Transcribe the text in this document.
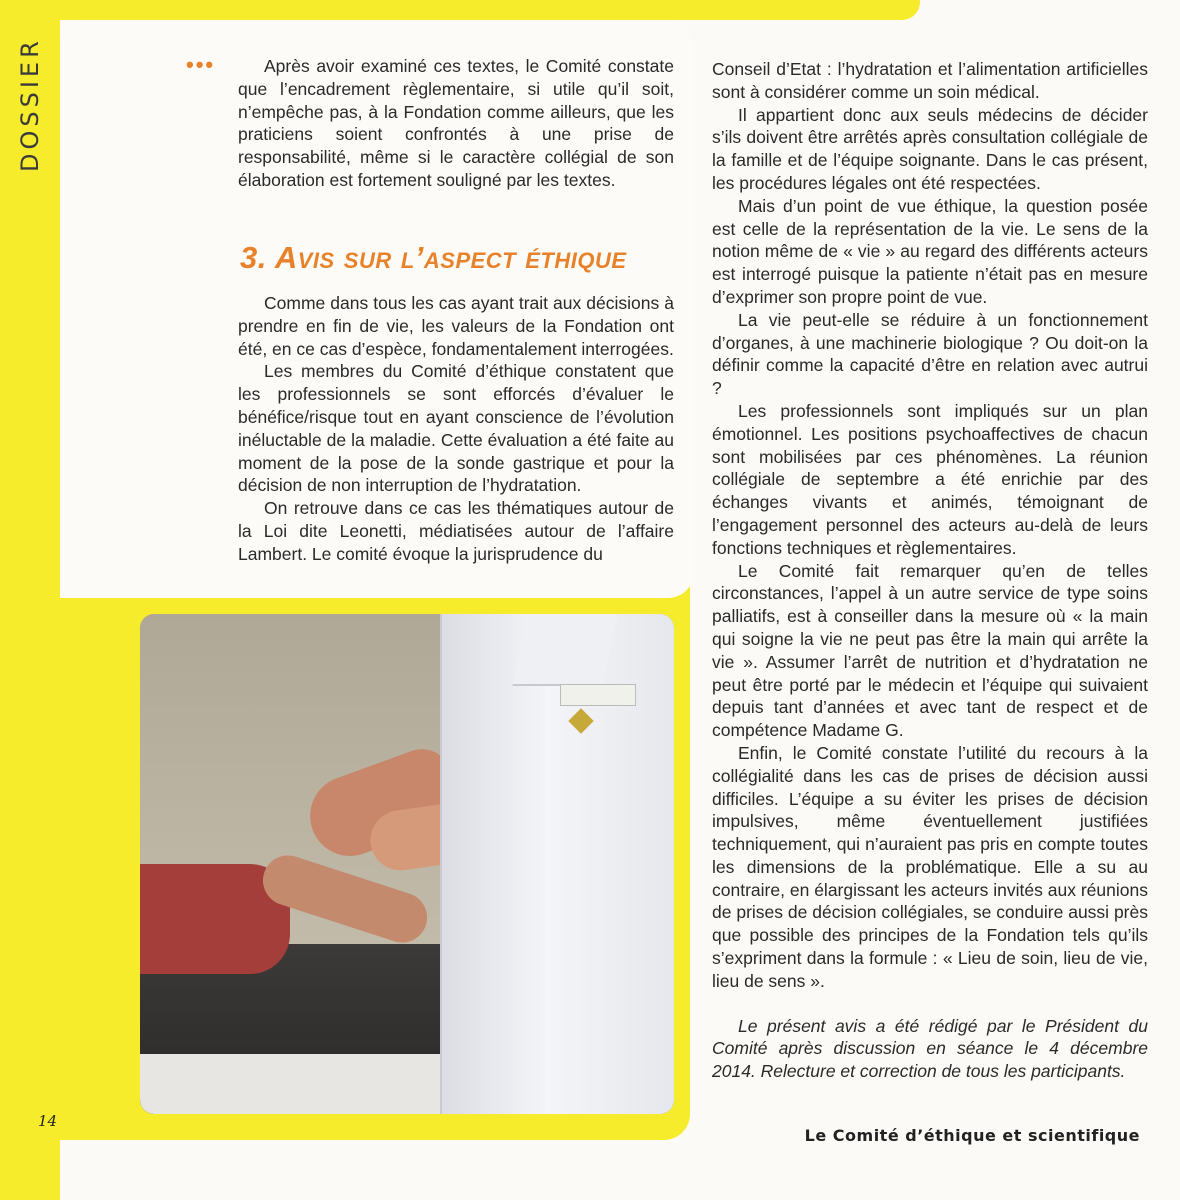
DOSSIER	•••	Après avoir examiné ces textes, le Comité constate que l’encadrement règlementaire, si utile qu’il soit, n’empêche pas, à la Fondation comme ailleurs, que les praticiens soient confrontés à une prise de responsabilité, même si le caractère collégial de son élaboration est fortement souligné par les textes.

3. Avis sur l’aspect éthique

Comme dans tous les cas ayant trait aux décisions à prendre en fin de vie, les valeurs de la Fondation ont été, en ce cas d’espèce, fondamentalement interrogées.

Les membres du Comité d’éthique constatent que les professionnels se sont efforcés d’évaluer le bénéfice/risque tout en ayant conscience de l’évolution inéluctable de la maladie. Cette évaluation a été faite au moment de la pose de la sonde gastrique et pour la décision de non interruption de l’hydratation.

On retrouve dans ce cas les thématiques autour de la Loi dite Leonetti, médiatisées autour de l’affaire Lambert. Le comité évoque la jurisprudence du

Conseil d’Etat : l’hydratation et l’alimentation artificielles sont à considérer comme un soin médical.

Il appartient donc aux seuls médecins de décider s’ils doivent être arrêtés après consultation collégiale de la famille et de l’équipe soignante. Dans le cas présent, les procédures légales ont été respectées.

Mais d’un point de vue éthique, la question posée est celle de la représentation de la vie. Le sens de la notion même de « vie » au regard des différents acteurs est interrogé puisque la patiente n’était pas en mesure d’exprimer son propre point de vue.

La vie peut-elle se réduire à un fonctionnement d’organes, à une machinerie biologique ? Ou doit-on la définir comme la capacité d’être en relation avec autrui ?

Les professionnels sont impliqués sur un plan émotionnel. Les positions psychoaffectives de chacun sont mobilisées par ces phénomènes. La réunion collégiale de septembre a été enrichie par des échanges vivants et animés, témoignant de l’engagement personnel des acteurs au-delà de leurs fonctions techniques et règlementaires.

Le Comité fait remarquer qu’en de telles circonstances, l’appel à un autre service de type soins palliatifs, est à conseiller dans la mesure où « la main qui soigne la vie ne peut pas être la main qui arrête la vie ». Assumer l’arrêt de nutrition et d’hydratation ne peut être porté par le médecin et l’équipe qui suivaient depuis tant d’années et avec tant de respect et de compétence Madame G.

Enfin, le Comité constate l’utilité du recours à la collégialité dans les cas de prises de décision aussi difficiles. L’équipe a su éviter les prises de décision impulsives, même éventuellement justifiées techniquement, qui n’auraient pas pris en compte toutes les dimensions de la problématique. Elle a su au contraire, en élargissant les acteurs invités aux réunions de prises de décision collégiales, se conduire aussi près que possible des principes de la Fondation tels qu’ils s’expriment dans la formule : « Lieu de soin, lieu de vie, lieu de sens ».

Le présent avis a été rédigé par le Président du Comité après discussion en séance le 4 décembre 2014. Relecture et correction de tous les participants.

14
Le Comité d’éthique et scientifique
